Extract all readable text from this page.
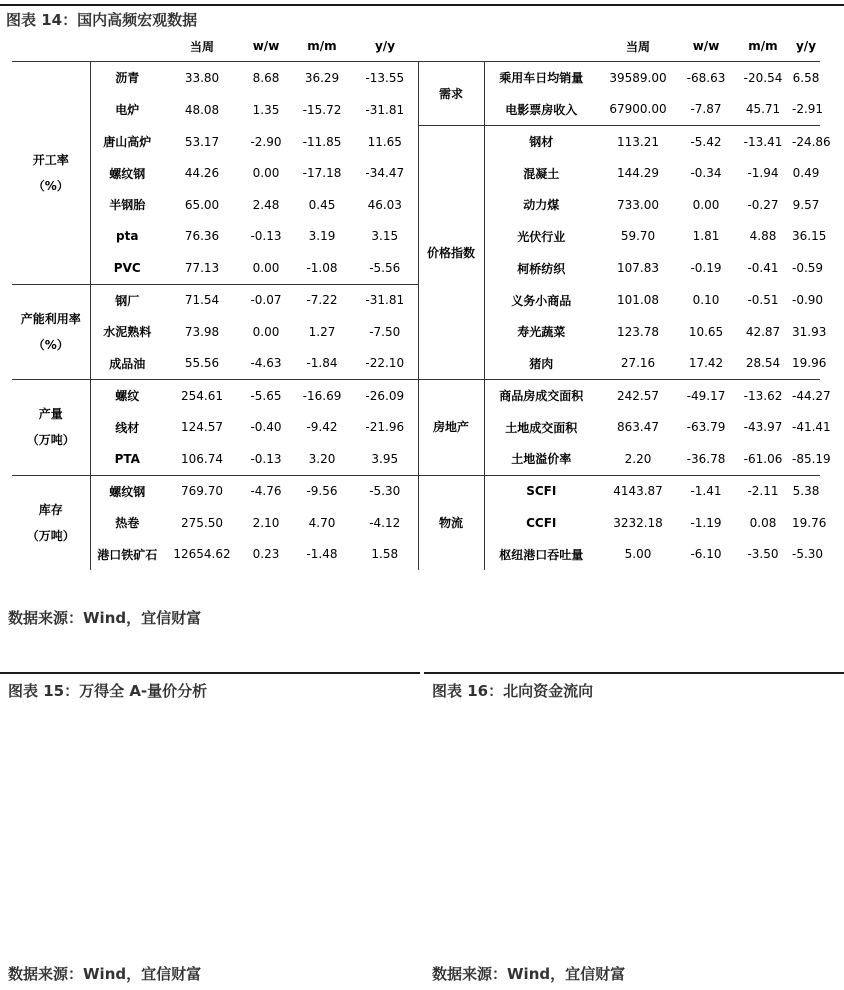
图表 14：国内高频宏观数据
		当周	w/w	m/m	y/y			当周	w/w	m/m	y/y
开工率
（%）	沥青	33.80	8.68	36.29	-13.55	需求	乘用车日均销量	39589.00	-68.63	-20.54	6.58
	电炉	48.08	1.35	-15.72	-31.81		电影票房收入	67900.00	-7.87	45.71	-2.91
	唐山高炉	53.17	-2.90	-11.85	11.65	价格指数	钢材	113.21	-5.42	-13.41	-24.86
	螺纹钢	44.26	0.00	-17.18	-34.47		混凝土	144.29	-0.34	-1.94	0.49
	半钢胎	65.00	2.48	0.45	46.03		动力煤	733.00	0.00	-0.27	9.57
	pta	76.36	-0.13	3.19	3.15		光伏行业	59.70	1.81	4.88	36.15
	PVC	77.13	0.00	-1.08	-5.56		柯桥纺织	107.83	-0.19	-0.41	-0.59
产能利用率
（%）	钢厂	71.54	-0.07	-7.22	-31.81		义务小商品	101.08	0.10	-0.51	-0.90
	水泥熟料	73.98	0.00	1.27	-7.50		寿光蔬菜	123.78	10.65	42.87	31.93
	成品油	55.56	-4.63	-1.84	-22.10		猪肉	27.16	17.42	28.54	19.96
产量
（万吨）	螺纹	254.61	-5.65	-16.69	-26.09	房地产	商品房成交面积	242.57	-49.17	-13.62	-44.27
	线材	124.57	-0.40	-9.42	-21.96		土地成交面积	863.47	-63.79	-43.97	-41.41
	PTA	106.74	-0.13	3.20	3.95		土地溢价率	2.20	-36.78	-61.06	-85.19
库存
（万吨）	螺纹钢	769.70	-4.76	-9.56	-5.30	物流	SCFI	4143.87	-1.41	-2.11	5.38
	热卷	275.50	2.10	4.70	-4.12		CCFI	3232.18	-1.19	0.08	19.76
	港口铁矿石	12654.62	0.23	-1.48	1.58		枢纽港口吞吐量	5.00	-6.10	-3.50	-5.30
数据来源：Wind，宜信财富
图表 15：万得全 A-量价分析	图表 16：北向资金流向
数据来源：Wind，宜信财富	数据来源：Wind，宜信财富
